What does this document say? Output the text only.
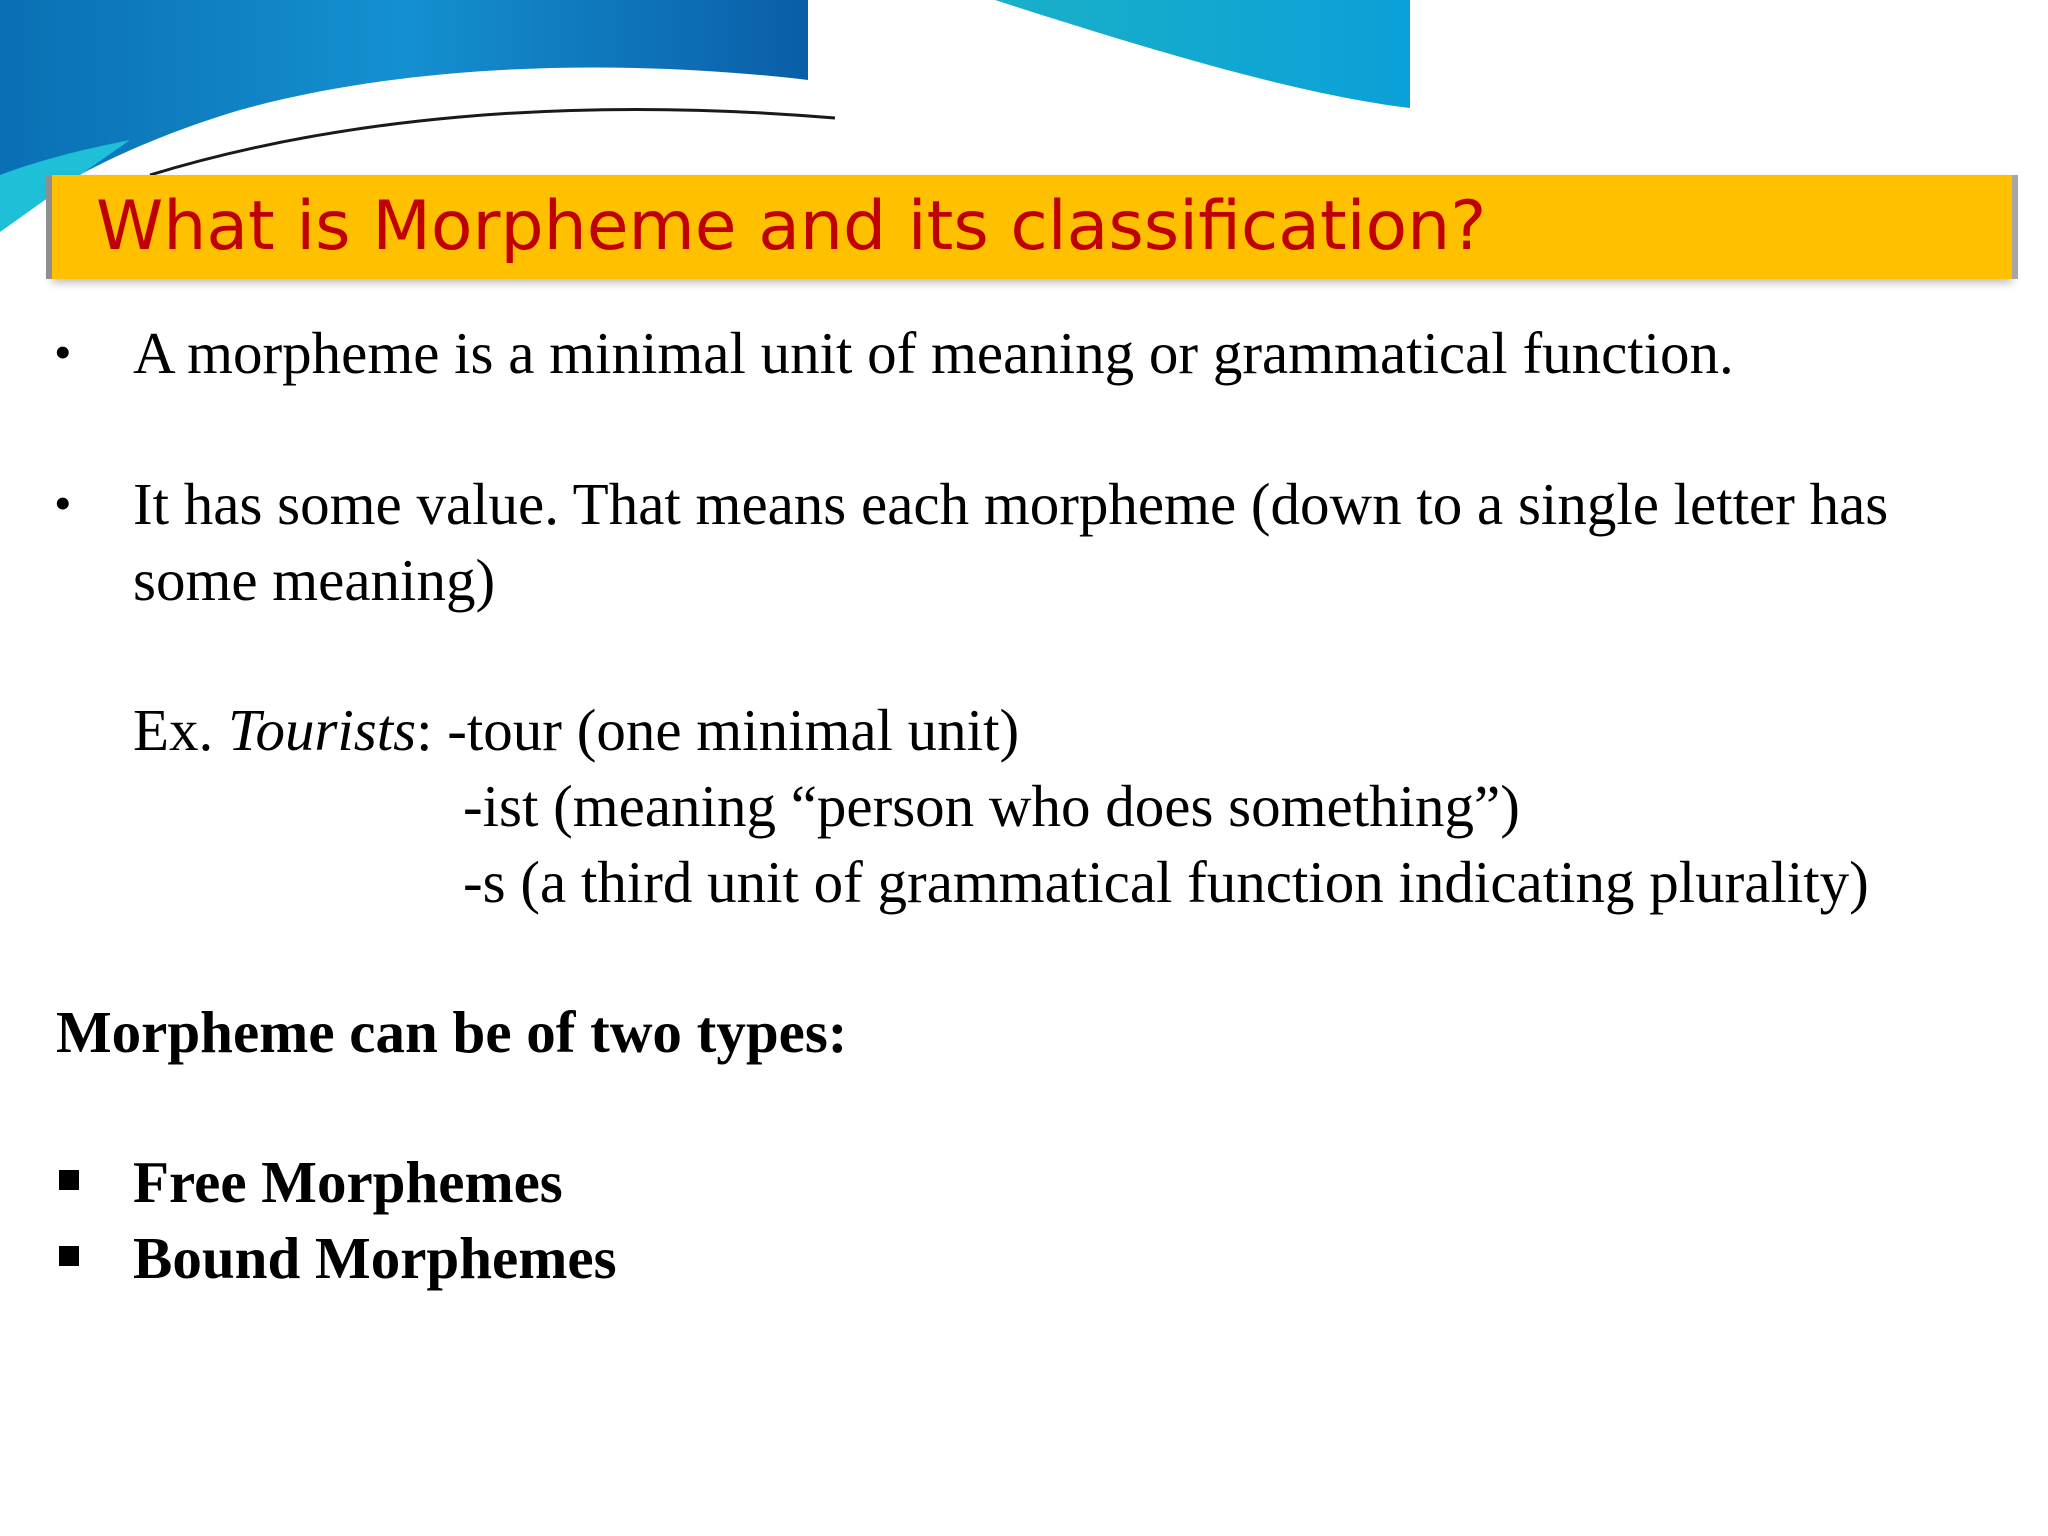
What is Morpheme and its classification?
• A morpheme is a minimal unit of meaning or grammatical function.
• It has some value. That means each morpheme (down to a single letter has
some meaning)
Ex. Tourists: -tour (one minimal unit)
-ist (meaning “person who does something”)
-s (a third unit of grammatical function indicating plurality)
Morpheme can be of two types:
Free Morphemes
Bound Morphemes
